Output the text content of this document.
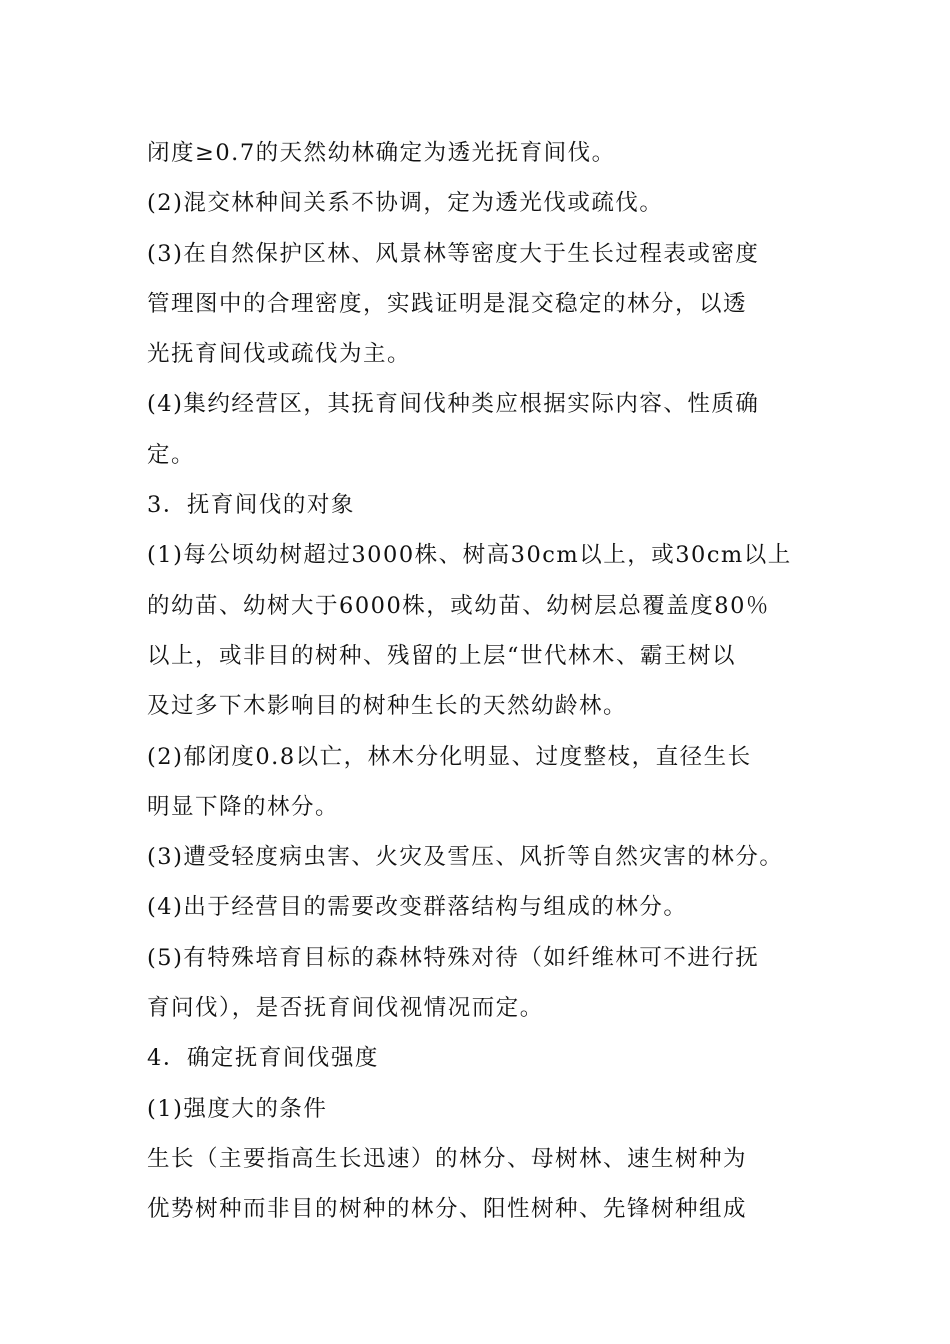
闭度≥0.7的天然幼林确定为透光抚育间伐。
(2)混交林种间关系不协调，定为透光伐或疏伐。
(3)在自然保护区林、风景林等密度大于生长过程表或密度
管理图中的合理密度，实践证明是混交稳定的林分，以透
光抚育间伐或疏伐为主。
(4)集约经营区，其抚育间伐种类应根据实际内容、性质确
定。
3．抚育间伐的对象
(1)每公顷幼树超过3000株、树高30cm以上，或30cm以上
的幼苗、幼树大于6000株，或幼苗、幼树层总覆盖度80％
以上，或非目的树种、残留的上层“世代林木、霸王树以
及过多下木影响目的树种生长的天然幼龄林。
(2)郁闭度0.8以亡，林木分化明显、过度整枝，直径生长
明显下降的林分。
(3)遭受轻度病虫害、火灾及雪压、风折等自然灾害的林分。
(4)出于经营目的需要改变群落结构与组成的林分。
(5)有特殊培育目标的森林特殊对待（如纤维林可不进行抚
育问伐），是否抚育间伐视情况而定。
4．确定抚育间伐强度
(1)强度大的条件
生长（主要指高生长迅速）的林分、母树林、速生树种为
优势树种而非目的树种的林分、阳性树种、先锋树种组成
